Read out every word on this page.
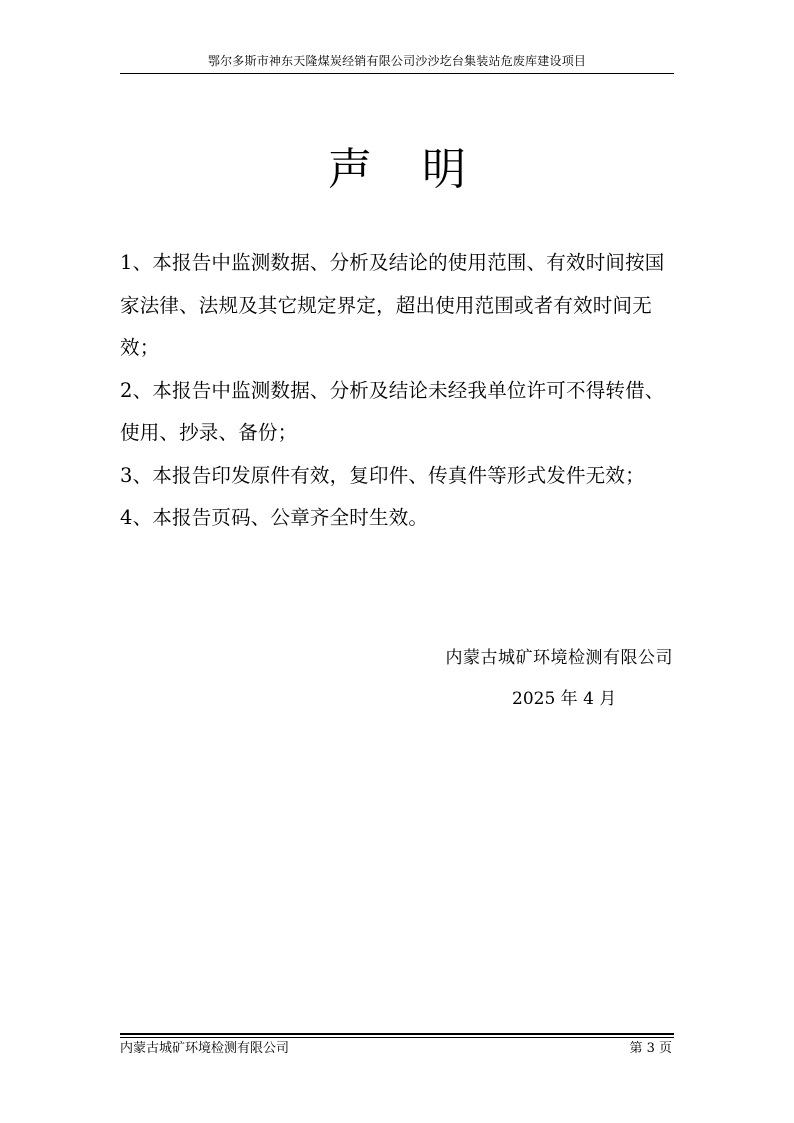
鄂尔多斯市神东天隆煤炭经销有限公司沙沙圪台集装站危废库建设项目
声明

1、本报告中监测数据、分析及结论的使用范围、有效时间按国家法律、法规及其它规定界定，超出使用范围或者有效时间无效；

2、本报告中监测数据、分析及结论未经我单位许可不得转借、使用、抄录、备份；

3、本报告印发原件有效，复印件、传真件等形式发件无效；

4、本报告页码、公章齐全时生效。

内蒙古城矿环境检测有限公司
2025 年 4 月
内蒙古城矿环境检测有限公司	第 3 页
